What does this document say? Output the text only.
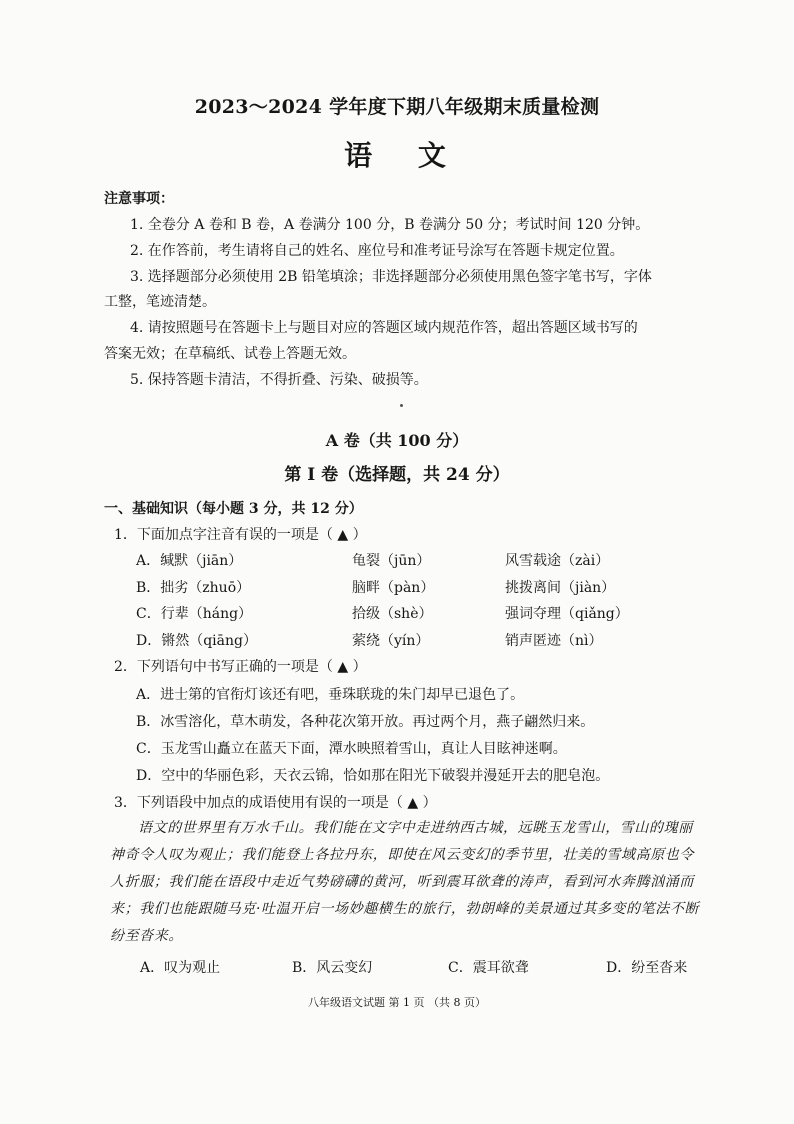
2023～2024 学年度下期八年级期末质量检测
语 文
注意事项：
1. 全卷分 A 卷和 B 卷，A 卷满分 100 分，B 卷满分 50 分；考试时间 120 分钟。
2. 在作答前，考生请将自己的姓名、座位号和准考证号涂写在答题卡规定位置。
3. 选择题部分必须使用 2B 铅笔填涂；非选择题部分必须使用黑色签字笔书写，字体
工整，笔迹清楚。
4. 请按照题号在答题卡上与题目对应的答题区域内规范作答，超出答题区域书写的
答案无效；在草稿纸、试卷上答题无效。
5. 保持答题卡清洁，不得折叠、污染、破损等。
A 卷（共 100 分）
第 I 卷（选择题，共 24 分）
一、基础知识（每小题 3 分，共 12 分）
1．下面加点字注音有误的一项是（ ▲ ）
A．缄默（jiān）	龟裂（jūn）	风雪载途（zài）
B．拙劣（zhuō）	脑畔（pàn）	挑拨离间（jiàn）
C．行辈（háng）	拾级（shè）	强词夺理（qiǎng）
D．锵然（qiāng）	萦绕（yín）	销声匿迹（nì）
2．下列语句中书写正确的一项是（ ▲ ）
A．进士第的官衔灯该还有吧，垂珠联珑的朱门却早已退色了。
B．冰雪溶化，草木萌发，各种花次第开放。再过两个月，燕子翩然归来。
C．玉龙雪山矗立在蓝天下面，潭水映照着雪山，真让人目眩神迷啊。
D．空中的华丽色彩，天衣云锦，恰如那在阳光下破裂并漫延开去的肥皂泡。
3．下列语段中加点的成语使用有误的一项是（ ▲ ）
语文的世界里有万水千山。我们能在文字中走进纳西古城，远眺玉龙雪山，雪山的瑰丽神奇令人叹为观止；我们能登上各拉丹东，即使在风云变幻的季节里，壮美的雪域高原也令人折服；我们能在语段中走近气势磅礴的黄河，听到震耳欲聋的涛声，看到河水奔腾汹涌而来；我们也能跟随马克·吐温开启一场妙趣横生的旅行，勃朗峰的美景通过其多变的笔法不断纷至沓来。
A．叹为观止	B．风云变幻	C．震耳欲聋	D．纷至沓来
八年级语文试题 第 1 页 （共 8 页）
